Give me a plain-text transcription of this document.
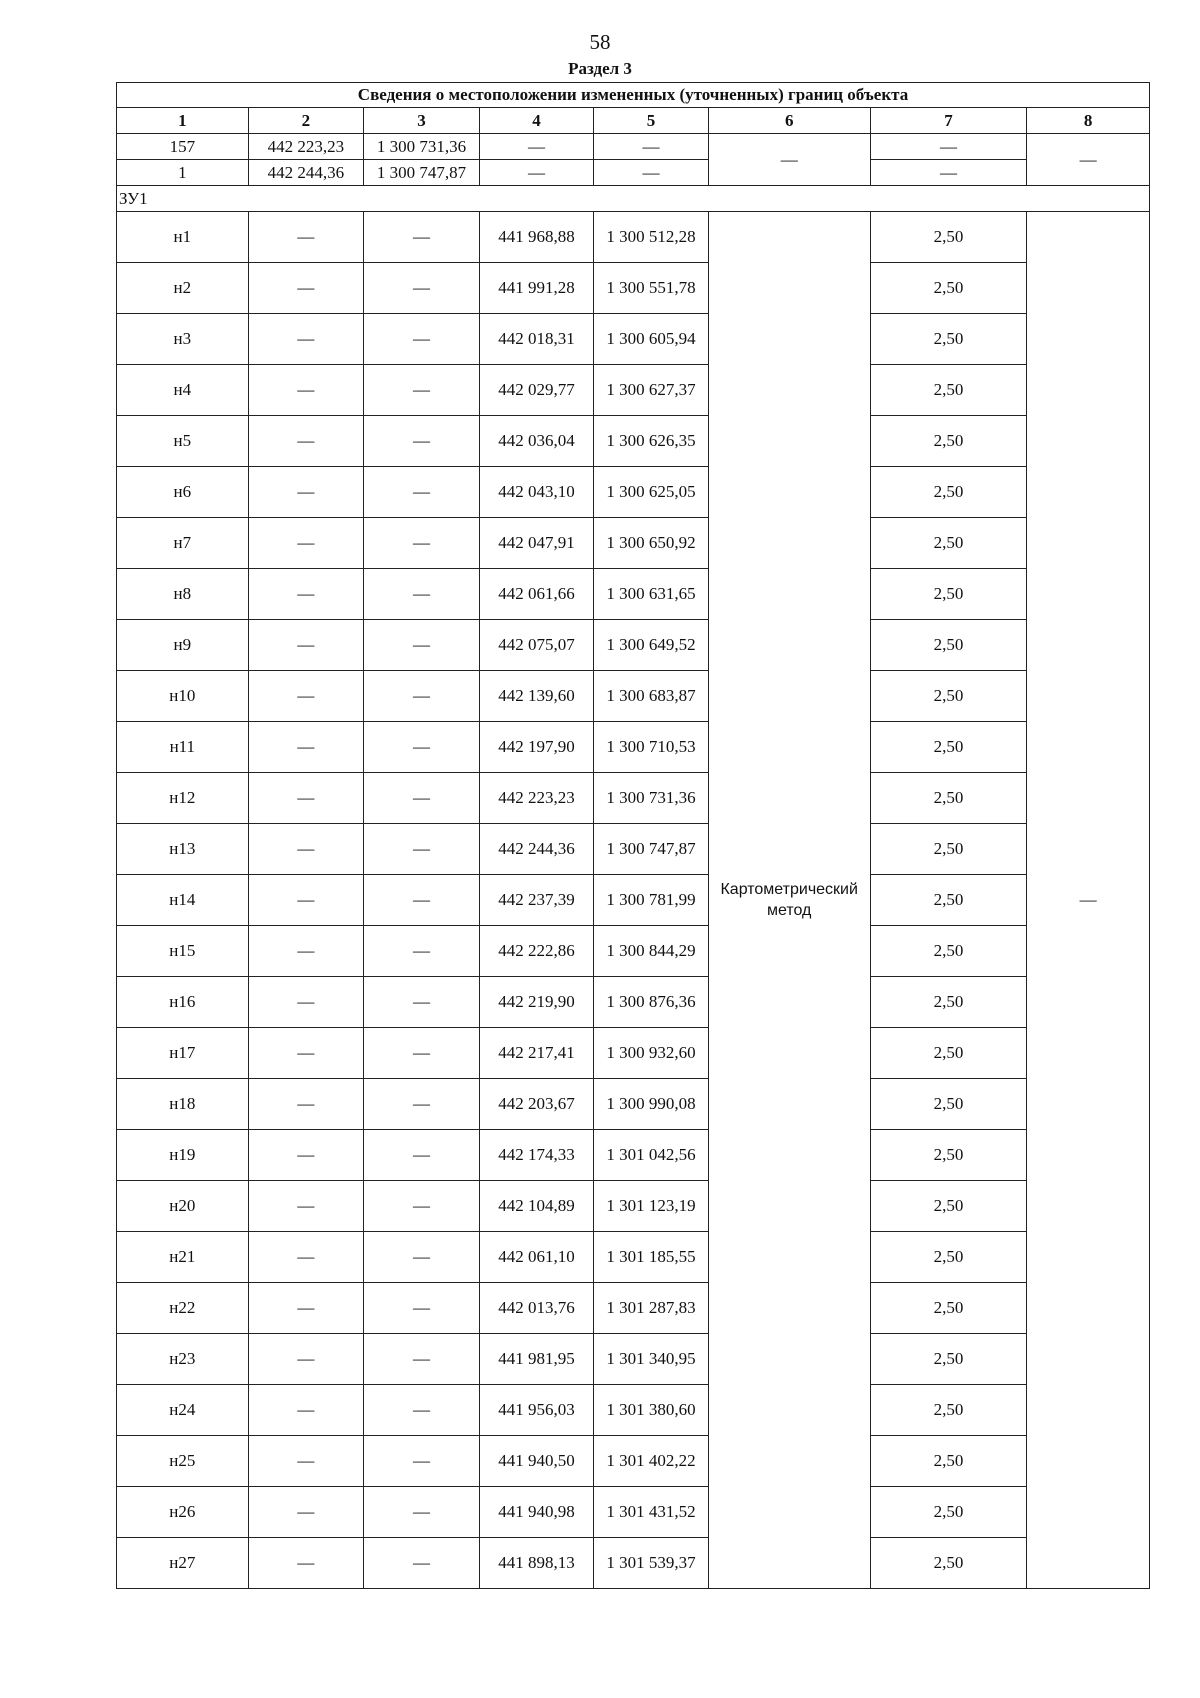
58
Раздел 3
Сведения о местоположении измененных (уточненных) границ объекта							
1	2	3	4	5	6	7	8
157	442 223,23	1 300 731,36	—	—	—	—	—
1	442 244,36	1 300 747,87	—	—		—	
ЗУ1							
н1	—	—	441 968,88	1 300 512,28	Картометрический метод	2,50	—
н2	—	—	441 991,28	1 300 551,78		2,50	
н3	—	—	442 018,31	1 300 605,94		2,50	
н4	—	—	442 029,77	1 300 627,37		2,50	
н5	—	—	442 036,04	1 300 626,35		2,50	
н6	—	—	442 043,10	1 300 625,05		2,50	
н7	—	—	442 047,91	1 300 650,92		2,50	
н8	—	—	442 061,66	1 300 631,65		2,50	
н9	—	—	442 075,07	1 300 649,52		2,50	
н10	—	—	442 139,60	1 300 683,87		2,50	
н11	—	—	442 197,90	1 300 710,53		2,50	
н12	—	—	442 223,23	1 300 731,36		2,50	
н13	—	—	442 244,36	1 300 747,87		2,50	
н14	—	—	442 237,39	1 300 781,99		2,50	
н15	—	—	442 222,86	1 300 844,29		2,50	
н16	—	—	442 219,90	1 300 876,36		2,50	
н17	—	—	442 217,41	1 300 932,60		2,50	
н18	—	—	442 203,67	1 300 990,08		2,50	
н19	—	—	442 174,33	1 301 042,56		2,50	
н20	—	—	442 104,89	1 301 123,19		2,50	
н21	—	—	442 061,10	1 301 185,55		2,50	
н22	—	—	442 013,76	1 301 287,83		2,50	
н23	—	—	441 981,95	1 301 340,95		2,50	
н24	—	—	441 956,03	1 301 380,60		2,50	
н25	—	—	441 940,50	1 301 402,22		2,50	
н26	—	—	441 940,98	1 301 431,52		2,50	
н27	—	—	441 898,13	1 301 539,37		2,50	
